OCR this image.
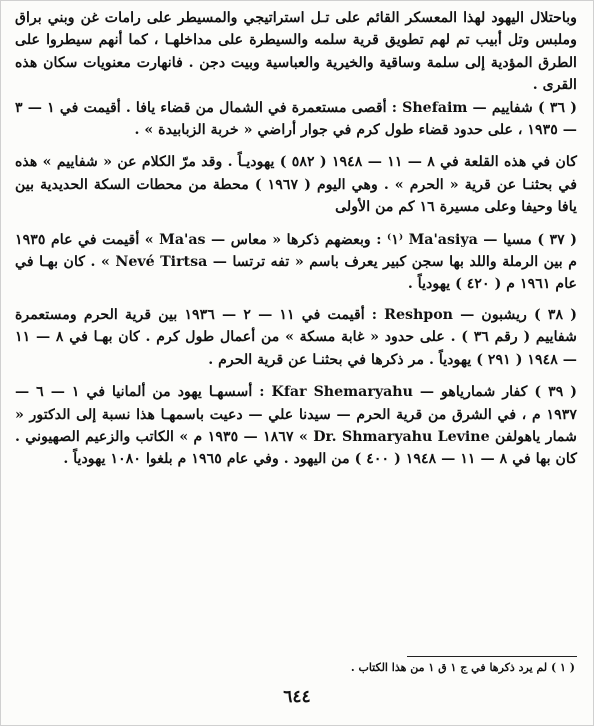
وباحتلال اليهود لهذا المعسكر القائم على تـل استراتيجي والمسيطر على رامات غن وبني براق وملبس وتل أبيب تم لهم تطويق قرية سلمه والسيطرة على مداخلهـا ، كما أنهم سيطروا على الطرق المؤدية إلى سلمة وساقية والخيرية والعباسية وبيت دجن . فانهارت معنويات سكان هذه القرى .

( ٣٦ ) شفاييم — Shefaim : أقصى مستعمرة في الشمال من قضاء يافا . أقيمت في ١ — ٣ — ١٩٣٥ ، على حدود قضاء طول كرم في جوار أراضي « خربة الزبابيدة » .

كان في هذه القلعة في ٨ — ١١ — ١٩٤٨ ( ٥٨٢ ) يهوديـاً . وقد مرّ الكلام عن « شفاييم » هذه في بحثنـا عن قرية « الحرم » . وهي اليوم ( ١٩٦٧ ) محطة من محطات السكة الحديدية بين يافا وحيفا وعلى مسيرة ١٦ كم من الأولى

( ٣٧ ) مسيا — Ma'asiya ⁽١⁾ : وبعضهم ذكرها « معاس — Ma'as » أقيمت في عام ١٩٣٥ م بين الرملة واللد بها سجن كبير يعرف باسم « تفه ترتسا — Nevé Tirtsa » . كان بهـا في عام ١٩٦١ م ( ٤٢٠ ) يهودياً .

( ٣٨ ) ريشبون — Reshpon : أقيمت في ١١ — ٢ — ١٩٣٦ بين قرية الحرم ومستعمرة شفاييم ( رقم ٣٦ ) . على حدود « غابة مسكة » من أعمال طول كرم . كان بهـا في ٨ — ١١ — ١٩٤٨ ( ٢٩١ ) يهودياً . مر ذكرها في بحثنـا عن قرية الحرم .

( ٣٩ ) كفار شمارياهو — Kfar Shemaryahu : أسسهـا يهود من ألمانيا في ١ — ٦ — ١٩٣٧ م ، في الشرق من قرية الحرم — سيدنا علي — دعيت باسمهـا هذا نسبة إلى الدكتور « شمار ياهولفن Dr. Shmaryahu Levine » ١٨٦٧ — ١٩٣٥ م » الكاتب والزعيم الصهيوني . كان بها في ٨ — ١١ — ١٩٤٨ ( ٤٠٠ ) من اليهود . وفي عام ١٩٦٥ م بلغوا ١٠٨٠ يهودياً .

( ١ ) لم يرد ذكرها في ج ١ ق ١ من هذا الكتاب .
٦٤٤
